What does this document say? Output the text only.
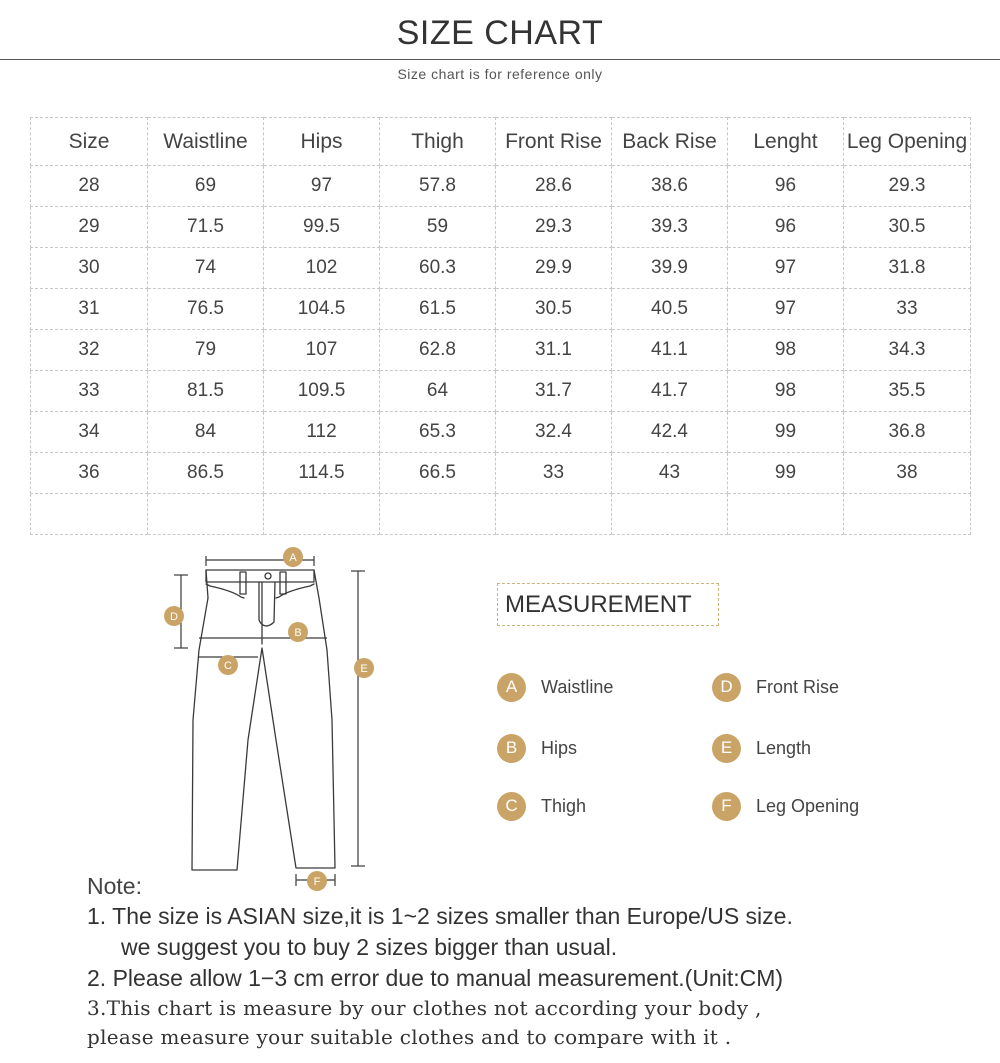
SIZE CHART
Size chart is for reference only
Size	Waistline	Hips	Thigh	Front Rise	Back Rise	Lenght	Leg Opening
28	69	97	57.8	28.6	38.6	96	29.3
29	71.5	99.5	59	29.3	39.3	96	30.5
30	74	102	60.3	29.9	39.9	97	31.8
31	76.5	104.5	61.5	30.5	40.5	97	33
32	79	107	62.8	31.1	41.1	98	34.3
33	81.5	109.5	64	31.7	41.7	98	35.5
34	84	112	65.3	32.4	42.4	99	36.8
36	86.5	114.5	66.5	33	43	99	38

A
B
C
D
E
F
MEASUREMENT
A	Waistline
B	Hips
C	Thigh
D	Front Rise
E	Length
F	Leg Opening
Note:
1. The size is ASIAN size,it is 1~2 sizes smaller than Europe/US size.
we suggest you to buy 2 sizes bigger than usual.
2. Please allow 1−3 cm error due to manual measurement.(Unit:CM)
3.This chart is measure by our clothes not according your body ,
please measure your suitable clothes and to compare with it .
